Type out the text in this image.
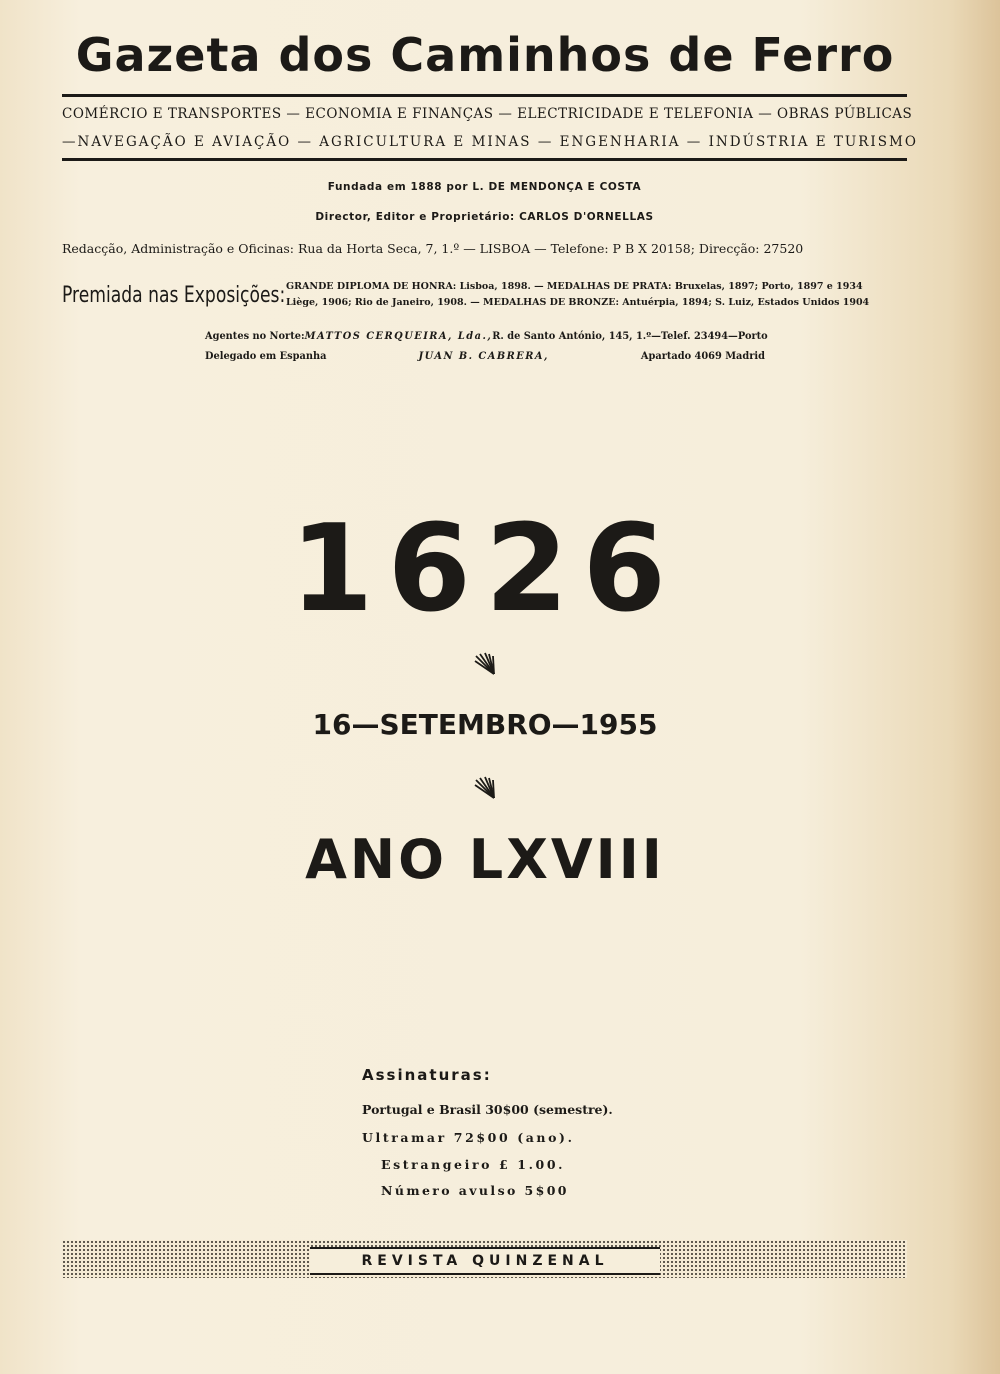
Gazeta dos Caminhos de Ferro
COMÉRCIO E TRANSPORTES — ECONOMIA E FINANÇAS — ELECTRICIDADE E TELEFONIA — OBRAS PÚBLICAS
—NAVEGAÇÃO E AVIAÇÃO — AGRICULTURA E MINAS — ENGENHARIA — INDÚSTRIA E TURISMO
Fundada em 1888 por L. DE MENDONÇA E COSTA
Director, Editor e Proprietário: CARLOS D'ORNELLAS
Redacção, Administração e Oficinas: Rua da Horta Seca, 7, 1.º — LISBOA — Telefone: P B X 20158; Direcção: 27520
Premiada nas Exposições: GRANDE DIPLOMA DE HONRA: Lisboa, 1898. — MEDALHAS DE PRATA: Bruxelas, 1897; Porto, 1897 e 1934
Liège, 1906; Rio de Janeiro, 1908. — MEDALHAS DE BRONZE: Antuérpia, 1894; S. Luiz, Estados Unidos 1904
Agentes no Norte: MATTOS CERQUEIRA, Lda., R. de Santo António, 145, 1.º—Telef. 23494—Porto
Delegado em Espanha	JUAN B. CABRERA,	Apartado 4069 Madrid
1626
16—SETEMBRO—1955
ANO LXVIII
Assinaturas:
Portugal e Brasil 30$00 (semestre).
Ultramar 72$00 (ano).
Estrangeiro £ 1.00.
Número avulso 5$00
REVISTA QUINZENAL
